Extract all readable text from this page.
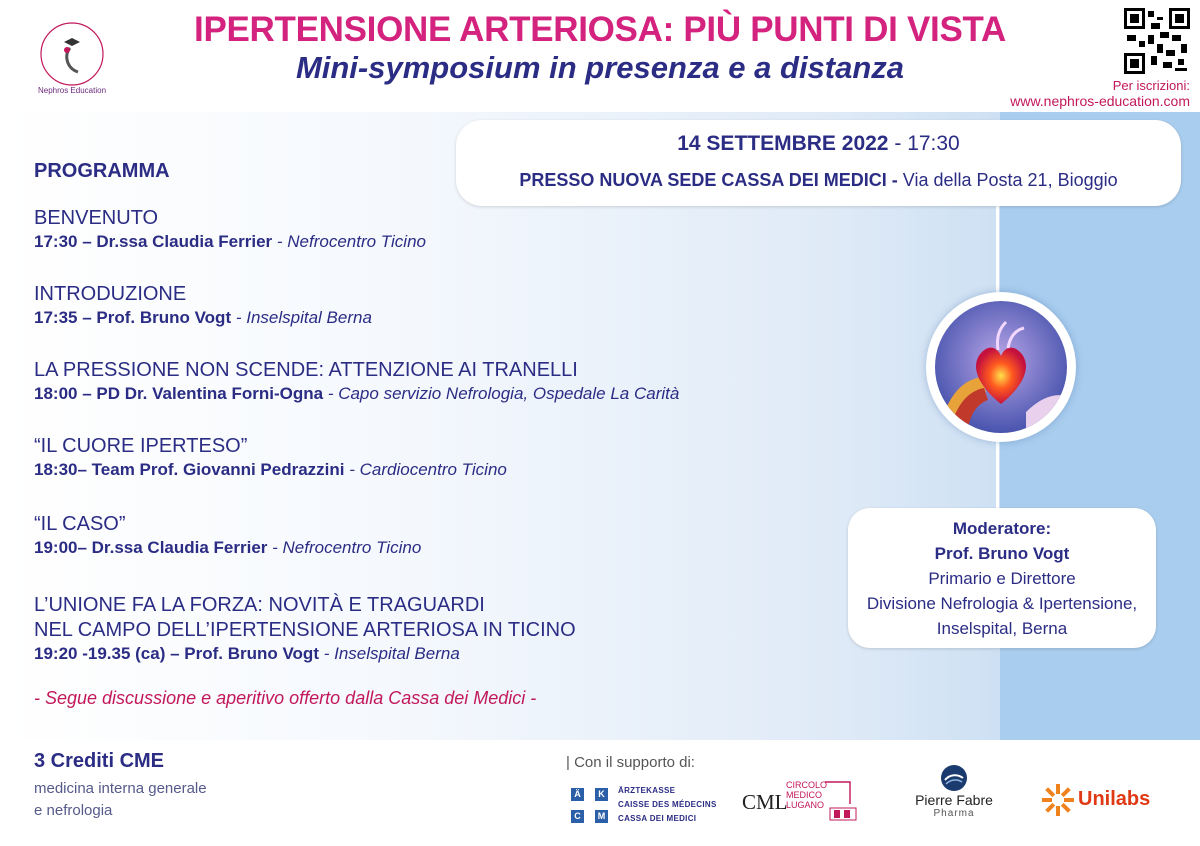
Nephros Education
IPERTENSIONE ARTERIOSA: PIÙ PUNTI DI VISTA
Mini-symposium in presenza e a distanza
Per iscrizioni:
www.nephros-education.com
14 SETTEMBRE 2022 - 17:30
PRESSO NUOVA SEDE CASSA DEI MEDICI - Via della Posta 21, Bioggio
PROGRAMMA
BENVENUTO
17:30 – Dr.ssa Claudia Ferrier - Nefrocentro Ticino
INTRODUZIONE
17:35 – Prof. Bruno Vogt - Inselspital Berna
LA PRESSIONE NON SCENDE: ATTENZIONE AI TRANELLI
18:00 – PD Dr. Valentina Forni-Ogna - Capo servizio Nefrologia, Ospedale La Carità
“IL CUORE IPERTESO”
18:30– Team Prof. Giovanni Pedrazzini - Cardiocentro Ticino
“IL CASO”
19:00– Dr.ssa Claudia Ferrier - Nefrocentro Ticino
L’UNIONE FA LA FORZA: NOVITÀ E TRAGUARDI
NEL CAMPO DELL’IPERTENSIONE ARTERIOSA IN TICINO
19:20 -19.35 (ca) – Prof. Bruno Vogt - Inselspital Berna
- Segue discussione e aperitivo offerto dalla Cassa dei Medici -
Moderatore:
Prof. Bruno Vogt
Primario e Direttore
Divisione Nefrologia & Ipertensione,
Inselspital, Berna
3 Crediti CME
medicina interna generale
e nefrologia
| Con il supporto di:
Ä	K
C	M
ÄRZTEKASSE
CAISSE DES MÉDECINS
CASSA DEI MEDICI
CML
CIRCOLO
MEDICO
LUGANO	Pierre Fabre
Pharma
Unilabs
